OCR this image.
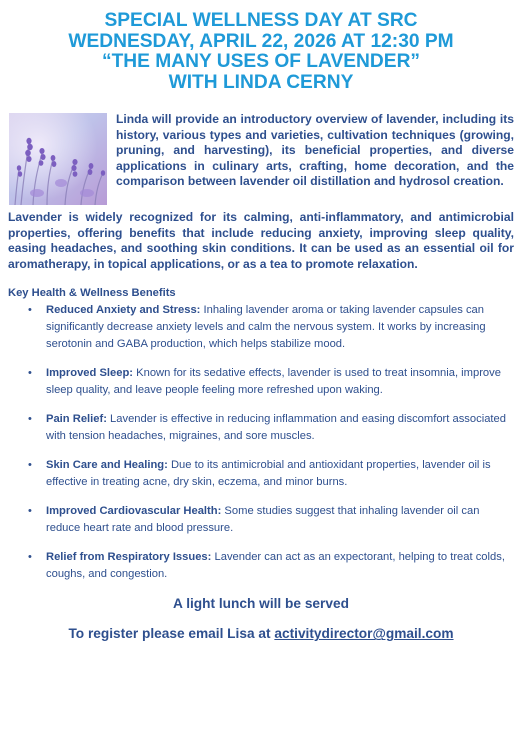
SPECIAL WELLNESS DAY AT SRC
WEDNESDAY, APRIL 22, 2026 AT 12:30 PM
“THE MANY USES OF LAVENDER”
WITH LINDA CERNY

Linda will provide an introductory overview of lavender, including its history, various types and varieties, cultivation techniques (growing, pruning, and harvesting), its beneficial properties, and diverse applications in culinary arts, crafting, home decoration, and the comparison between lavender oil distillation and hydrosol creation.

Lavender is widely recognized for its calming, anti-inflammatory, and antimicrobial properties, offering benefits that include reducing anxiety, improving sleep quality, easing headaches, and soothing skin conditions. It can be used as an essential oil for aromatherapy, in topical applications, or as a tea to promote relaxation.

Key Health & Wellness Benefits

• Reduced Anxiety and Stress: Inhaling lavender aroma or taking lavender capsules can significantly decrease anxiety levels and calm the nervous system. It works by increasing serotonin and GABA production, which helps stabilize mood.
• Improved Sleep: Known for its sedative effects, lavender is used to treat insomnia, improve sleep quality, and leave people feeling more refreshed upon waking.
• Pain Relief: Lavender is effective in reducing inflammation and easing discomfort associated with tension headaches, migraines, and sore muscles.
• Skin Care and Healing: Due to its antimicrobial and antioxidant properties, lavender oil is effective in treating acne, dry skin, eczema, and minor burns.
• Improved Cardiovascular Health: Some studies suggest that inhaling lavender oil can reduce heart rate and blood pressure.
• Relief from Respiratory Issues: Lavender can act as an expectorant, helping to treat colds, coughs, and congestion.

A light lunch will be served

To register please email Lisa at activitydirector@gmail.com
